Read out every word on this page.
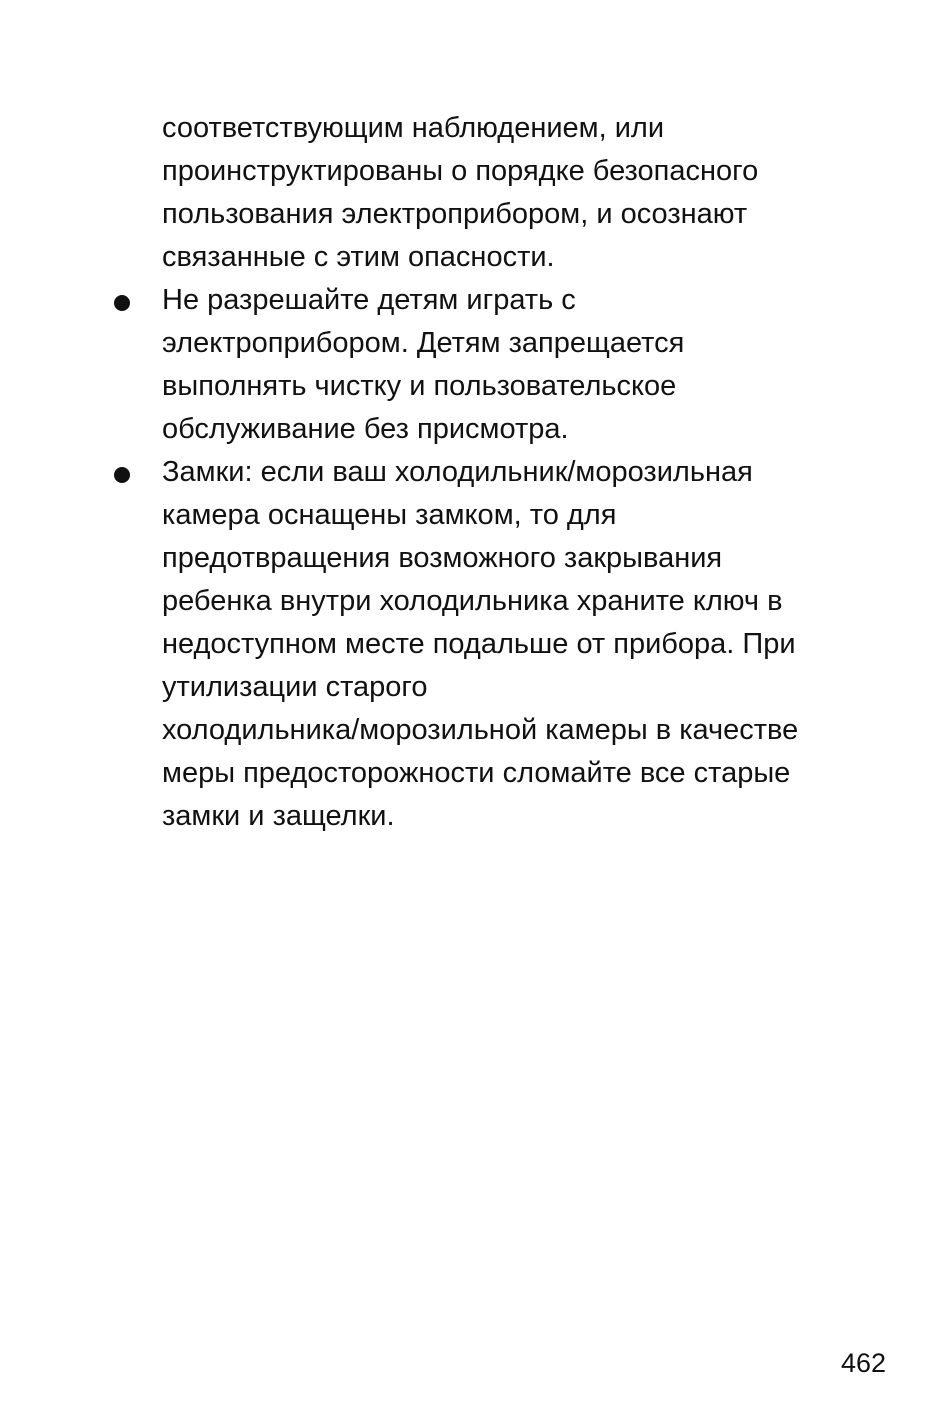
соответствующим наблюдением, или
проинструктированы о порядке безопасного
пользования электроприбором, и осознают
связанные с этим опасности.
Не разрешайте детям играть с
электроприбором. Детям запрещается
выполнять чистку и пользовательское
обслуживание без присмотра.
Замки: если ваш холодильник/морозильная
камера оснащены замком, то для
предотвращения возможного закрывания
ребенка внутри холодильника храните ключ в
недоступном месте подальше от прибора. При
утилизации старого
холодильника/морозильной камеры в качестве
меры предосторожности сломайте все старые
замки и защелки.
462
